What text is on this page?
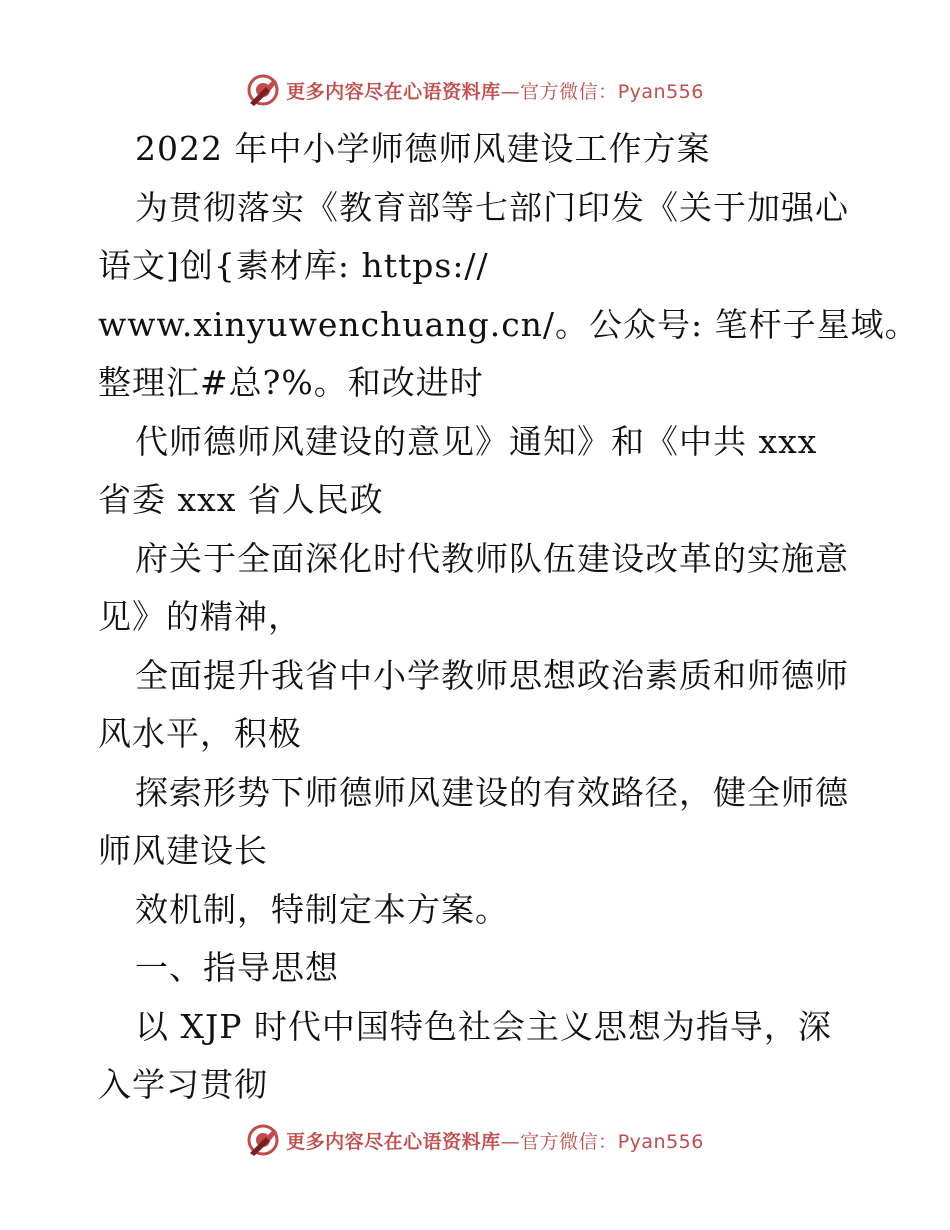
更多内容尽在心语资料库—官方微信：Pyan556
2022 年中小学师德师风建设工作方案
为贯彻落实《教育部等七部门印发《关于加强心
语文]创{素材库: https://
www.xinyuwenchuang.cn/。公众号: 笔杆子星域。
整理汇#总?%。和改进时
代师德师风建设的意见》通知》和《中共 xxx
省委 xxx 省人民政
府关于全面深化时代教师队伍建设改革的实施意
见》的精神，
全面提升我省中小学教师思想政治素质和师德师
风水平，积极
探索形势下师德师风建设的有效路径，健全师德
师风建设长
效机制，特制定本方案。
一、指导思想
以 XJP 时代中国特色社会主义思想为指导，深
入学习贯彻
更多内容尽在心语资料库—官方微信：Pyan556
